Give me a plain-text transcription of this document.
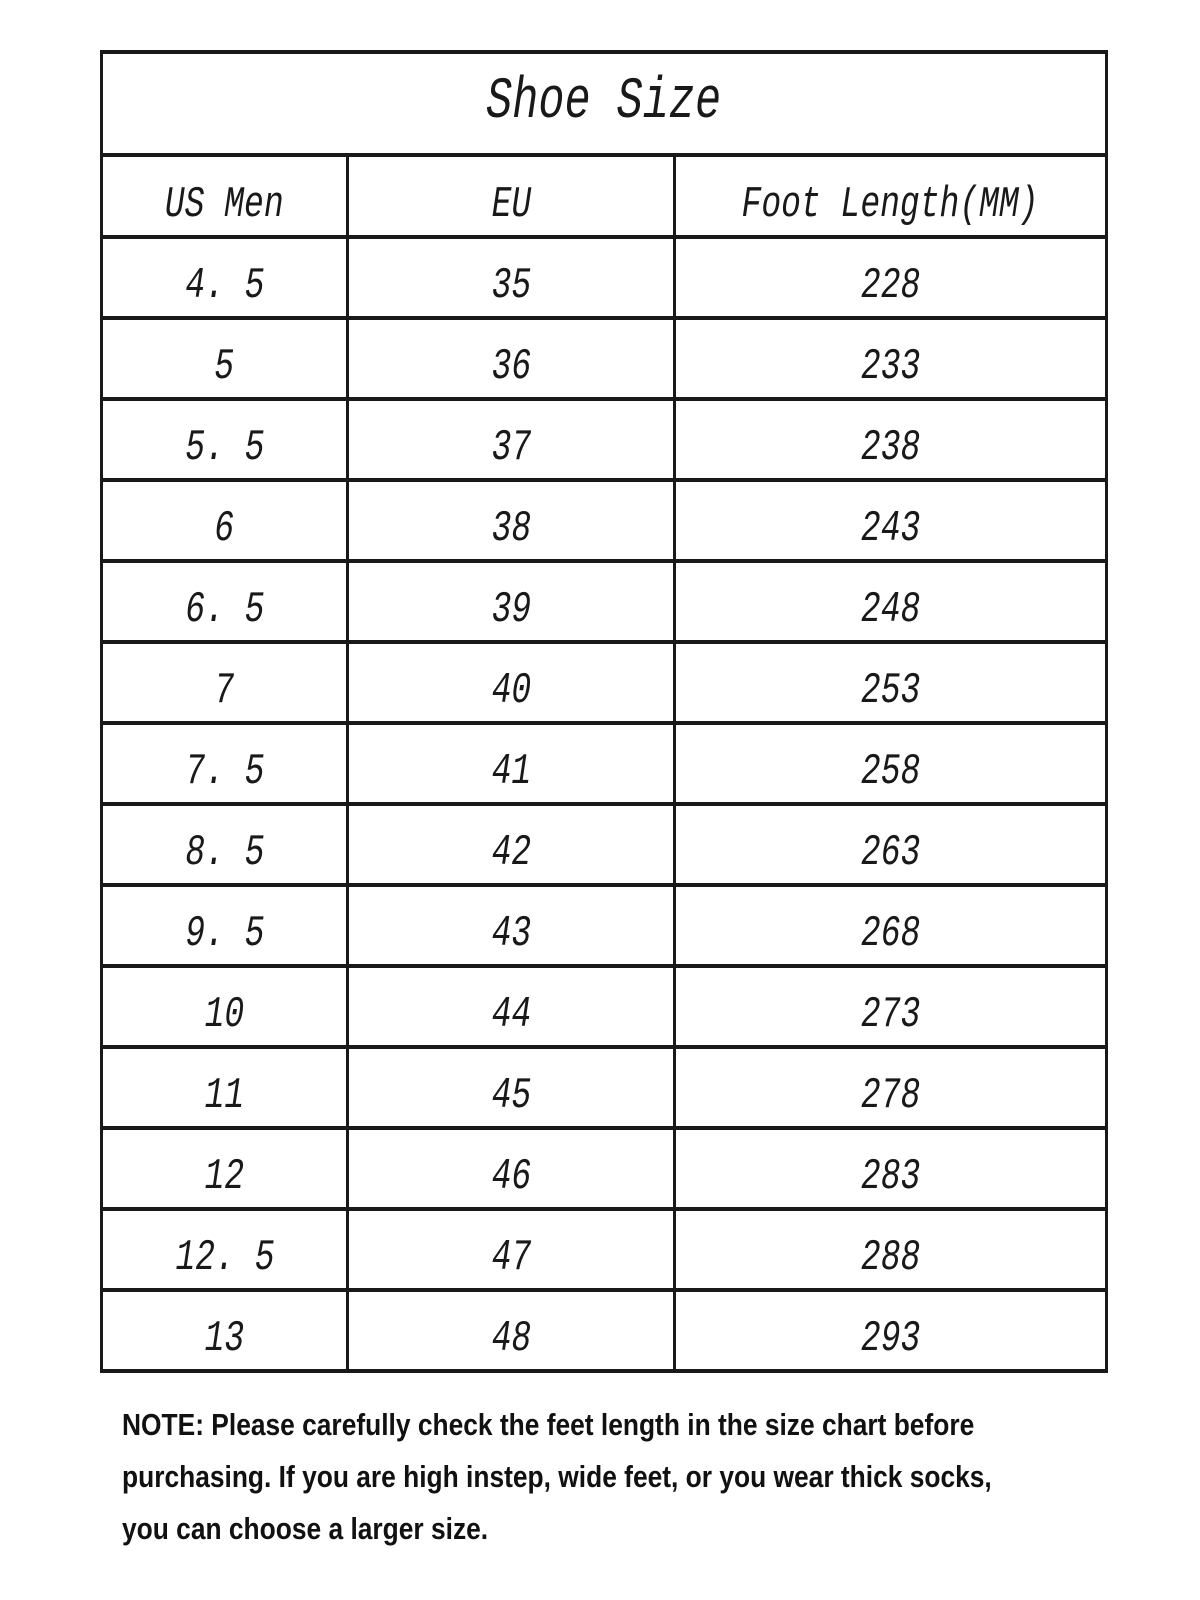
Shoe Size		
US Men	EU	Foot Length(MM)
4. 5	35	228
5	36	233
5. 5	37	238
6	38	243
6. 5	39	248
7	40	253
7. 5	41	258
8. 5	42	263
9. 5	43	268
10	44	273
11	45	278
12	46	283
12. 5	47	288
13	48	293
NOTE: Please carefully check the feet length in the size chart before
purchasing. If you are high instep, wide feet, or you wear thick socks,
you can choose a larger size.
